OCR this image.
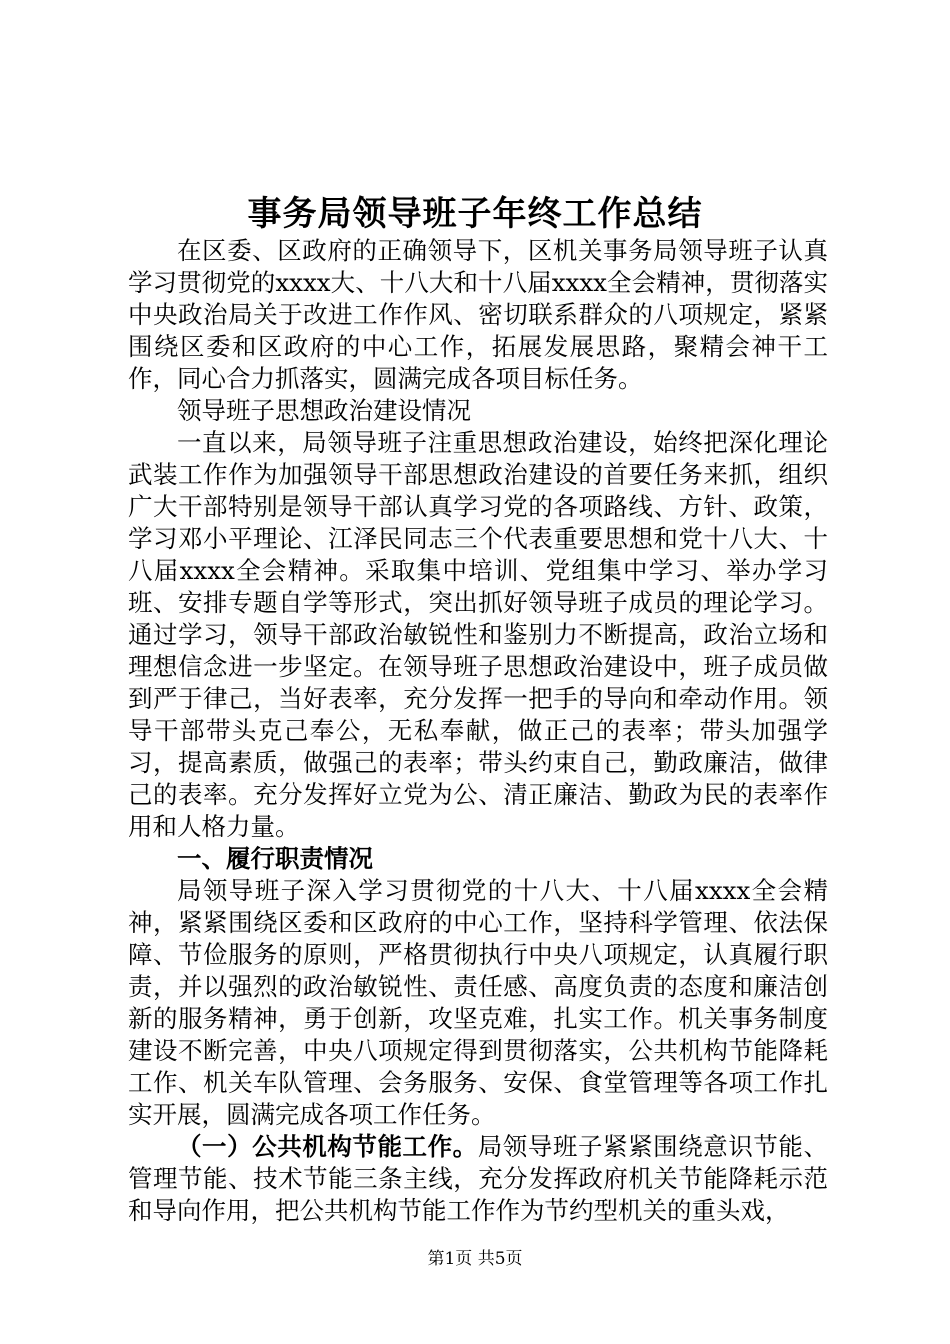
事务局领导班子年终工作总结

在区委、区政府的正确领导下，区机关事务局领导班子认真学习贯彻党的xxxx大、十八大和十八届xxxx全会精神，贯彻落实中央政治局关于改进工作作风、密切联系群众的八项规定，紧紧围绕区委和区政府的中心工作，拓展发展思路，聚精会神干工作，同心合力抓落实，圆满完成各项目标任务。

领导班子思想政治建设情况

一直以来，局领导班子注重思想政治建设，始终把深化理论武装工作作为加强领导干部思想政治建设的首要任务来抓，组织广大干部特别是领导干部认真学习党的各项路线、方针、政策，学习邓小平理论、江泽民同志三个代表重要思想和党十八大、十八届xxxx全会精神。采取集中培训、党组集中学习、举办学习班、安排专题自学等形式，突出抓好领导班子成员的理论学习。通过学习，领导干部政治敏锐性和鉴别力不断提高，政治立场和理想信念进一步坚定。在领导班子思想政治建设中，班子成员做到严于律己，当好表率，充分发挥一把手的导向和牵动作用。领导干部带头克己奉公，无私奉献，做正己的表率；带头加强学习，提高素质，做强己的表率；带头约束自己，勤政廉洁，做律己的表率。充分发挥好立党为公、清正廉洁、勤政为民的表率作用和人格力量。

一、履行职责情况

局领导班子深入学习贯彻党的十八大、十八届xxxx全会精神，紧紧围绕区委和区政府的中心工作，坚持科学管理、依法保障、节俭服务的原则，严格贯彻执行中央八项规定，认真履行职责，并以强烈的政治敏锐性、责任感、高度负责的态度和廉洁创新的服务精神，勇于创新，攻坚克难，扎实工作。机关事务制度建设不断完善，中央八项规定得到贯彻落实，公共机构节能降耗工作、机关车队管理、会务服务、安保、食堂管理等各项工作扎实开展，圆满完成各项工作任务。

（一）公共机构节能工作。局领导班子紧紧围绕意识节能、管理节能、技术节能三条主线，充分发挥政府机关节能降耗示范和导向作用，把公共机构节能工作作为节约型机关的重头戏，

第1页 共5页
